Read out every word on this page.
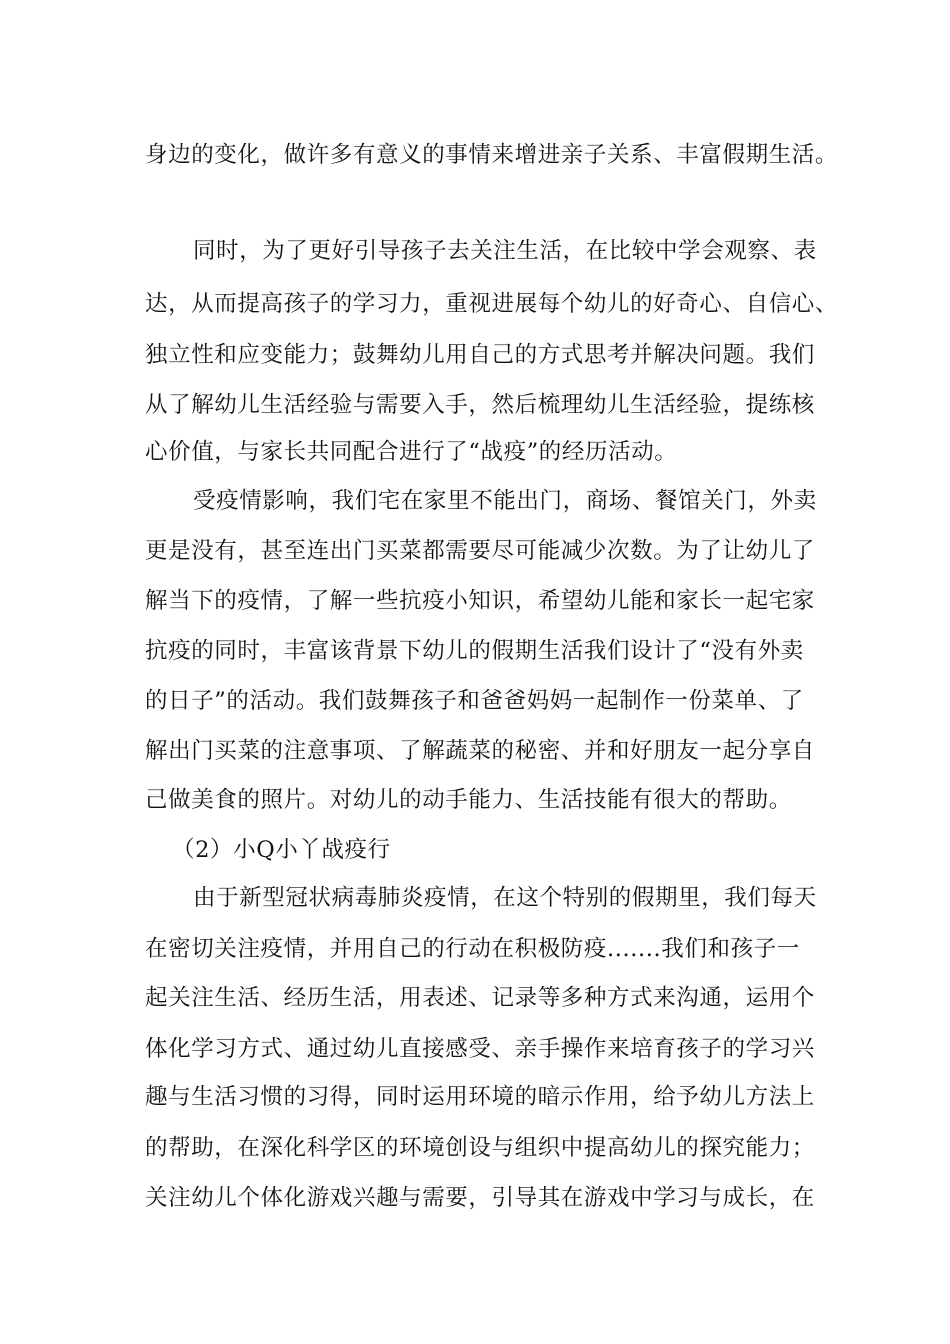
身边的变化，做许多有意义的事情来增进亲子关系、丰富假期生活。
同时，为了更好引导孩子去关注生活，在比较中学会观察、表
达，从而提高孩子的学习力，重视进展每个幼儿的好奇心、自信心、
独立性和应变能力；鼓舞幼儿用自己的方式思考并解决问题。我们
从了解幼儿生活经验与需要入手，然后梳理幼儿生活经验，提练核
心价值，与家长共同配合进行了“战疫”的经历活动。
受疫情影响，我们宅在家里不能出门，商场、餐馆关门，外卖
更是没有，甚至连出门买菜都需要尽可能减少次数。为了让幼儿了
解当下的疫情，了解一些抗疫小知识，希望幼儿能和家长一起宅家
抗疫的同时，丰富该背景下幼儿的假期生活我们设计了“没有外卖
的日子”的活动。我们鼓舞孩子和爸爸妈妈一起制作一份菜单、了
解出门买菜的注意事项、了解蔬菜的秘密、并和好朋友一起分享自
己做美食的照片。对幼儿的动手能力、生活技能有很大的帮助。
（2）小Q小丫战疫行
由于新型冠状病毒肺炎疫情，在这个特别的假期里，我们每天
在密切关注疫情，并用自己的行动在积极防疫.......我们和孩子一
起关注生活、经历生活，用表述、记录等多种方式来沟通，运用个
体化学习方式、通过幼儿直接感受、亲手操作来培育孩子的学习兴
趣与生活习惯的习得，同时运用环境的暗示作用，给予幼儿方法上
的帮助，在深化科学区的环境创设与组织中提高幼儿的探究能力；
关注幼儿个体化游戏兴趣与需要，引导其在游戏中学习与成长，在
